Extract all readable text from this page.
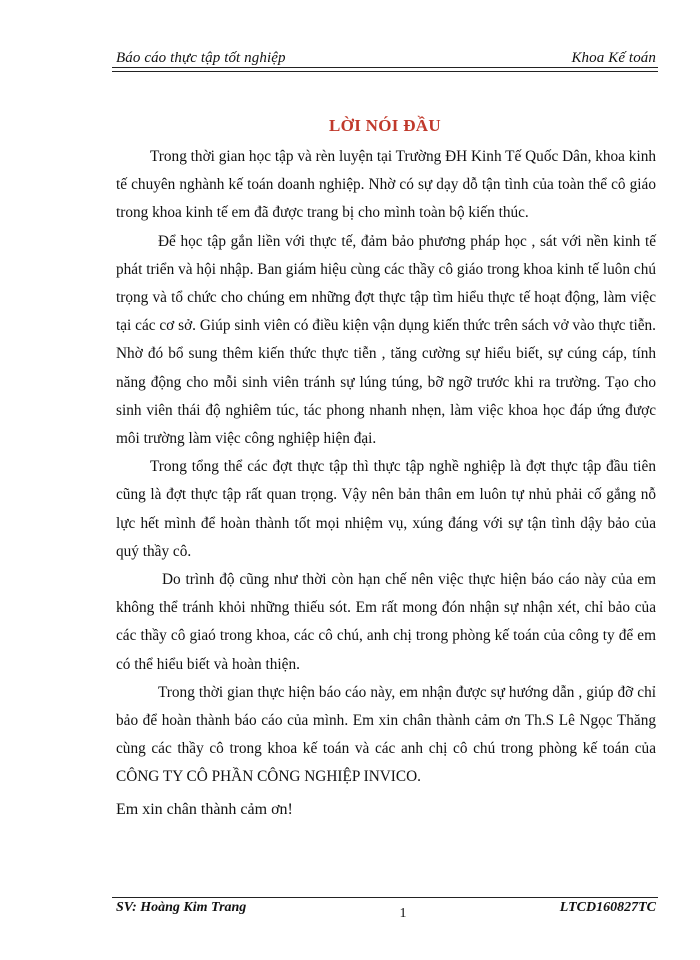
Báo cáo thực tập tốt nghiệp	Khoa Kế toán
LỜI NÓI ĐẦU

Trong thời gian học tập và rèn luyện tại Trường ĐH Kinh Tế Quốc Dân, khoa kinh tế chuyên nghành kế toán doanh nghiệp. Nhờ có sự dạy dỗ tận tình của toàn thể cô giáo trong khoa kinh tế em đã được trang bị cho mình toàn bộ kiến thúc.

Để học tập gắn liền với thực tế, đảm bảo phương pháp học , sát với nền kinh tế phát triển và hội nhập. Ban giám hiệu cùng các thầy cô giáo trong khoa kinh tế luôn chú trọng và tổ chức cho chúng em những đợt thực tập tìm hiểu thực tế hoạt động, làm việc tại các cơ sở. Giúp sinh viên có điều kiện vận dụng kiến thức trên sách vở vào thực tiễn. Nhờ đó bổ sung thêm kiến thức thực tiễn , tăng cường sự hiểu biết, sự cúng cáp, tính năng động cho mỗi sinh viên tránh sự lúng túng, bỡ ngỡ trước khi ra trường. Tạo cho sinh viên thái độ nghiêm túc, tác phong nhanh nhẹn, làm việc khoa học đáp ứng được môi trường làm việc công nghiệp hiện đại.

Trong tổng thể các đợt thực tập thì thực tập nghề nghiệp là đợt thực tập đầu tiên cũng là đợt thực tập rất quan trọng. Vậy nên bản thân em luôn tự nhủ phải cố gắng nỗ lực hết mình để hoàn thành tốt mọi nhiệm vụ, xúng đáng với sự tận tình dậy bảo của quý thầy cô.

Do trình độ cũng như thời còn hạn chế nên việc thực hiện báo cáo này của em không thể tránh khỏi những thiếu sót. Em rất mong đón nhận sự nhận xét, chỉ bảo của các thầy cô giaó trong khoa, các cô chú, anh chị trong phòng kế toán của công ty để em có thể hiểu biết và hoàn thiện.

Trong thời gian thực hiện báo cáo này, em nhận được sự hướng dẫn , giúp đỡ chỉ bảo để hoàn thành báo cáo của mình. Em xin chân thành cảm ơn Th.S Lê Ngọc Thăng cùng các thầy cô trong khoa kế toán và các anh chị cô chú trong phòng kế toán của CÔNG TY CÔ PHẦN CÔNG NGHIỆP INVICO.

Em xin chân thành cảm ơn!

SV: Hoàng Kim Trang	1	LTCD160827TC
